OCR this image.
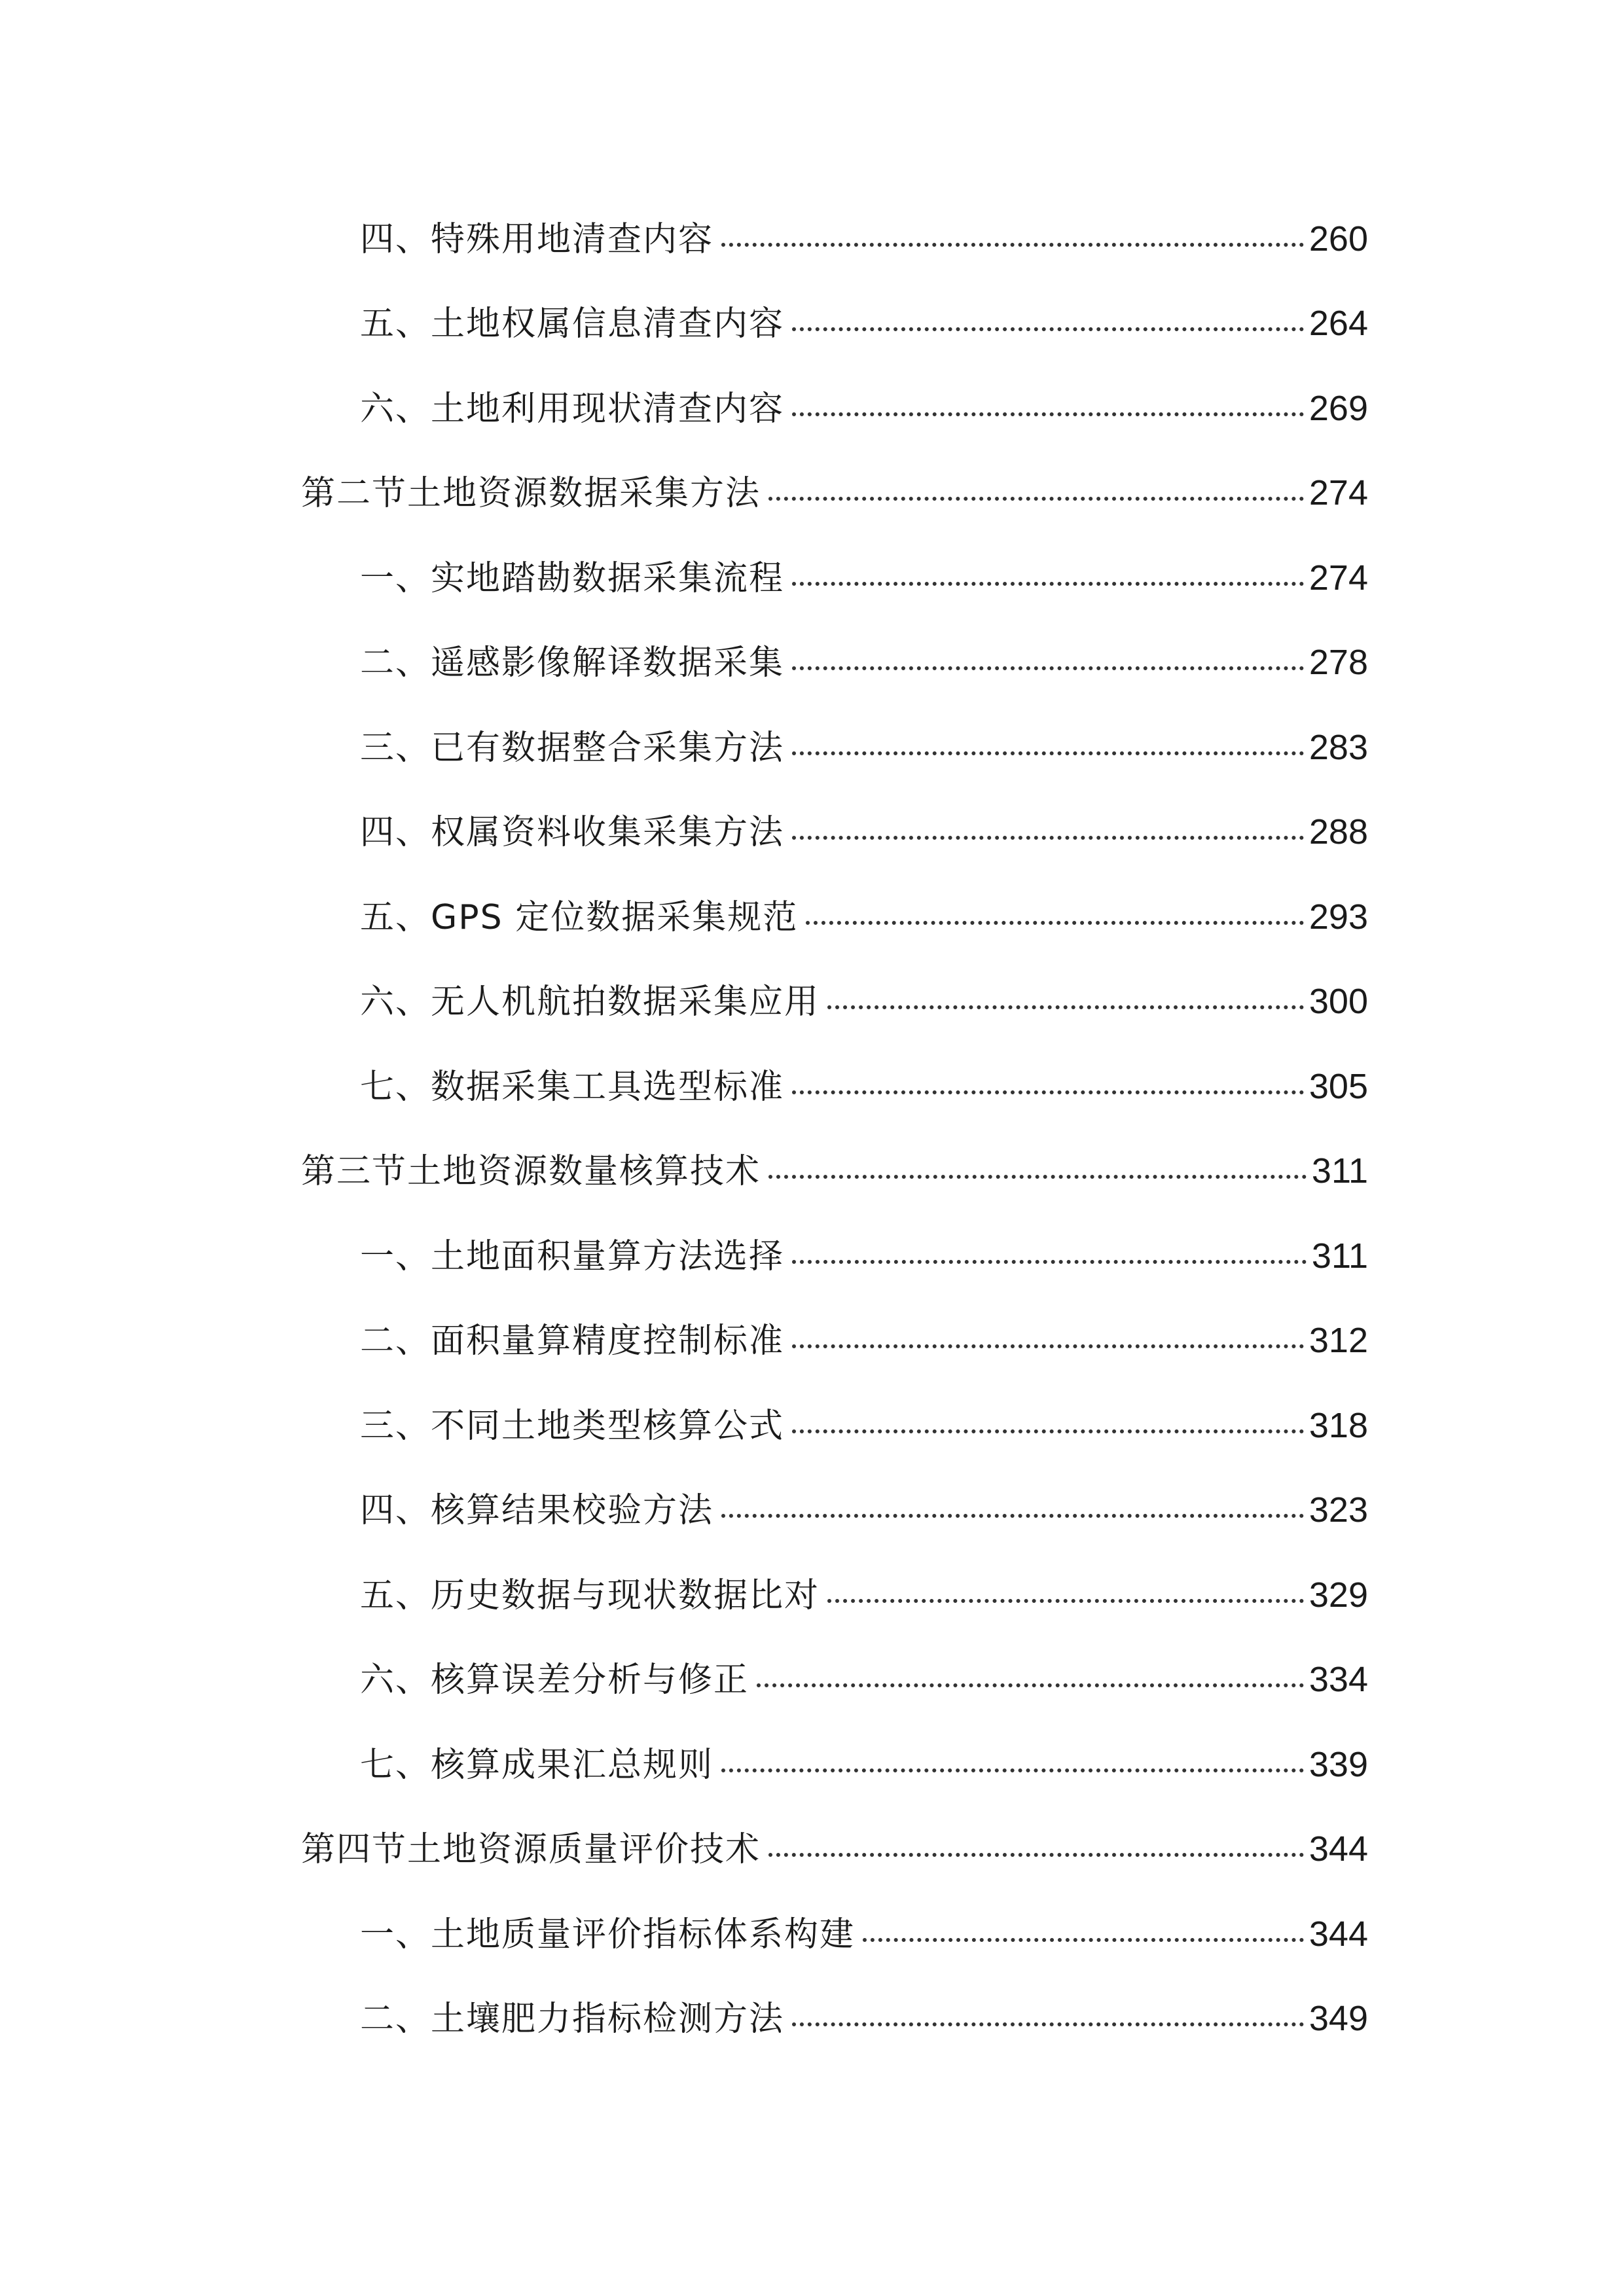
四、特殊用地清查内容	260
五、土地权属信息清查内容	264
六、土地利用现状清查内容	269
第二节土地资源数据采集方法	274
一、实地踏勘数据采集流程	274
二、遥感影像解译数据采集	278
三、已有数据整合采集方法	283
四、权属资料收集采集方法	288
五、GPS 定位数据采集规范	293
六、无人机航拍数据采集应用	300
七、数据采集工具选型标准	305
第三节土地资源数量核算技术	311
一、土地面积量算方法选择	311
二、面积量算精度控制标准	312
三、不同土地类型核算公式	318
四、核算结果校验方法	323
五、历史数据与现状数据比对	329
六、核算误差分析与修正	334
七、核算成果汇总规则	339
第四节土地资源质量评价技术	344
一、土地质量评价指标体系构建	344
二、土壤肥力指标检测方法	349
